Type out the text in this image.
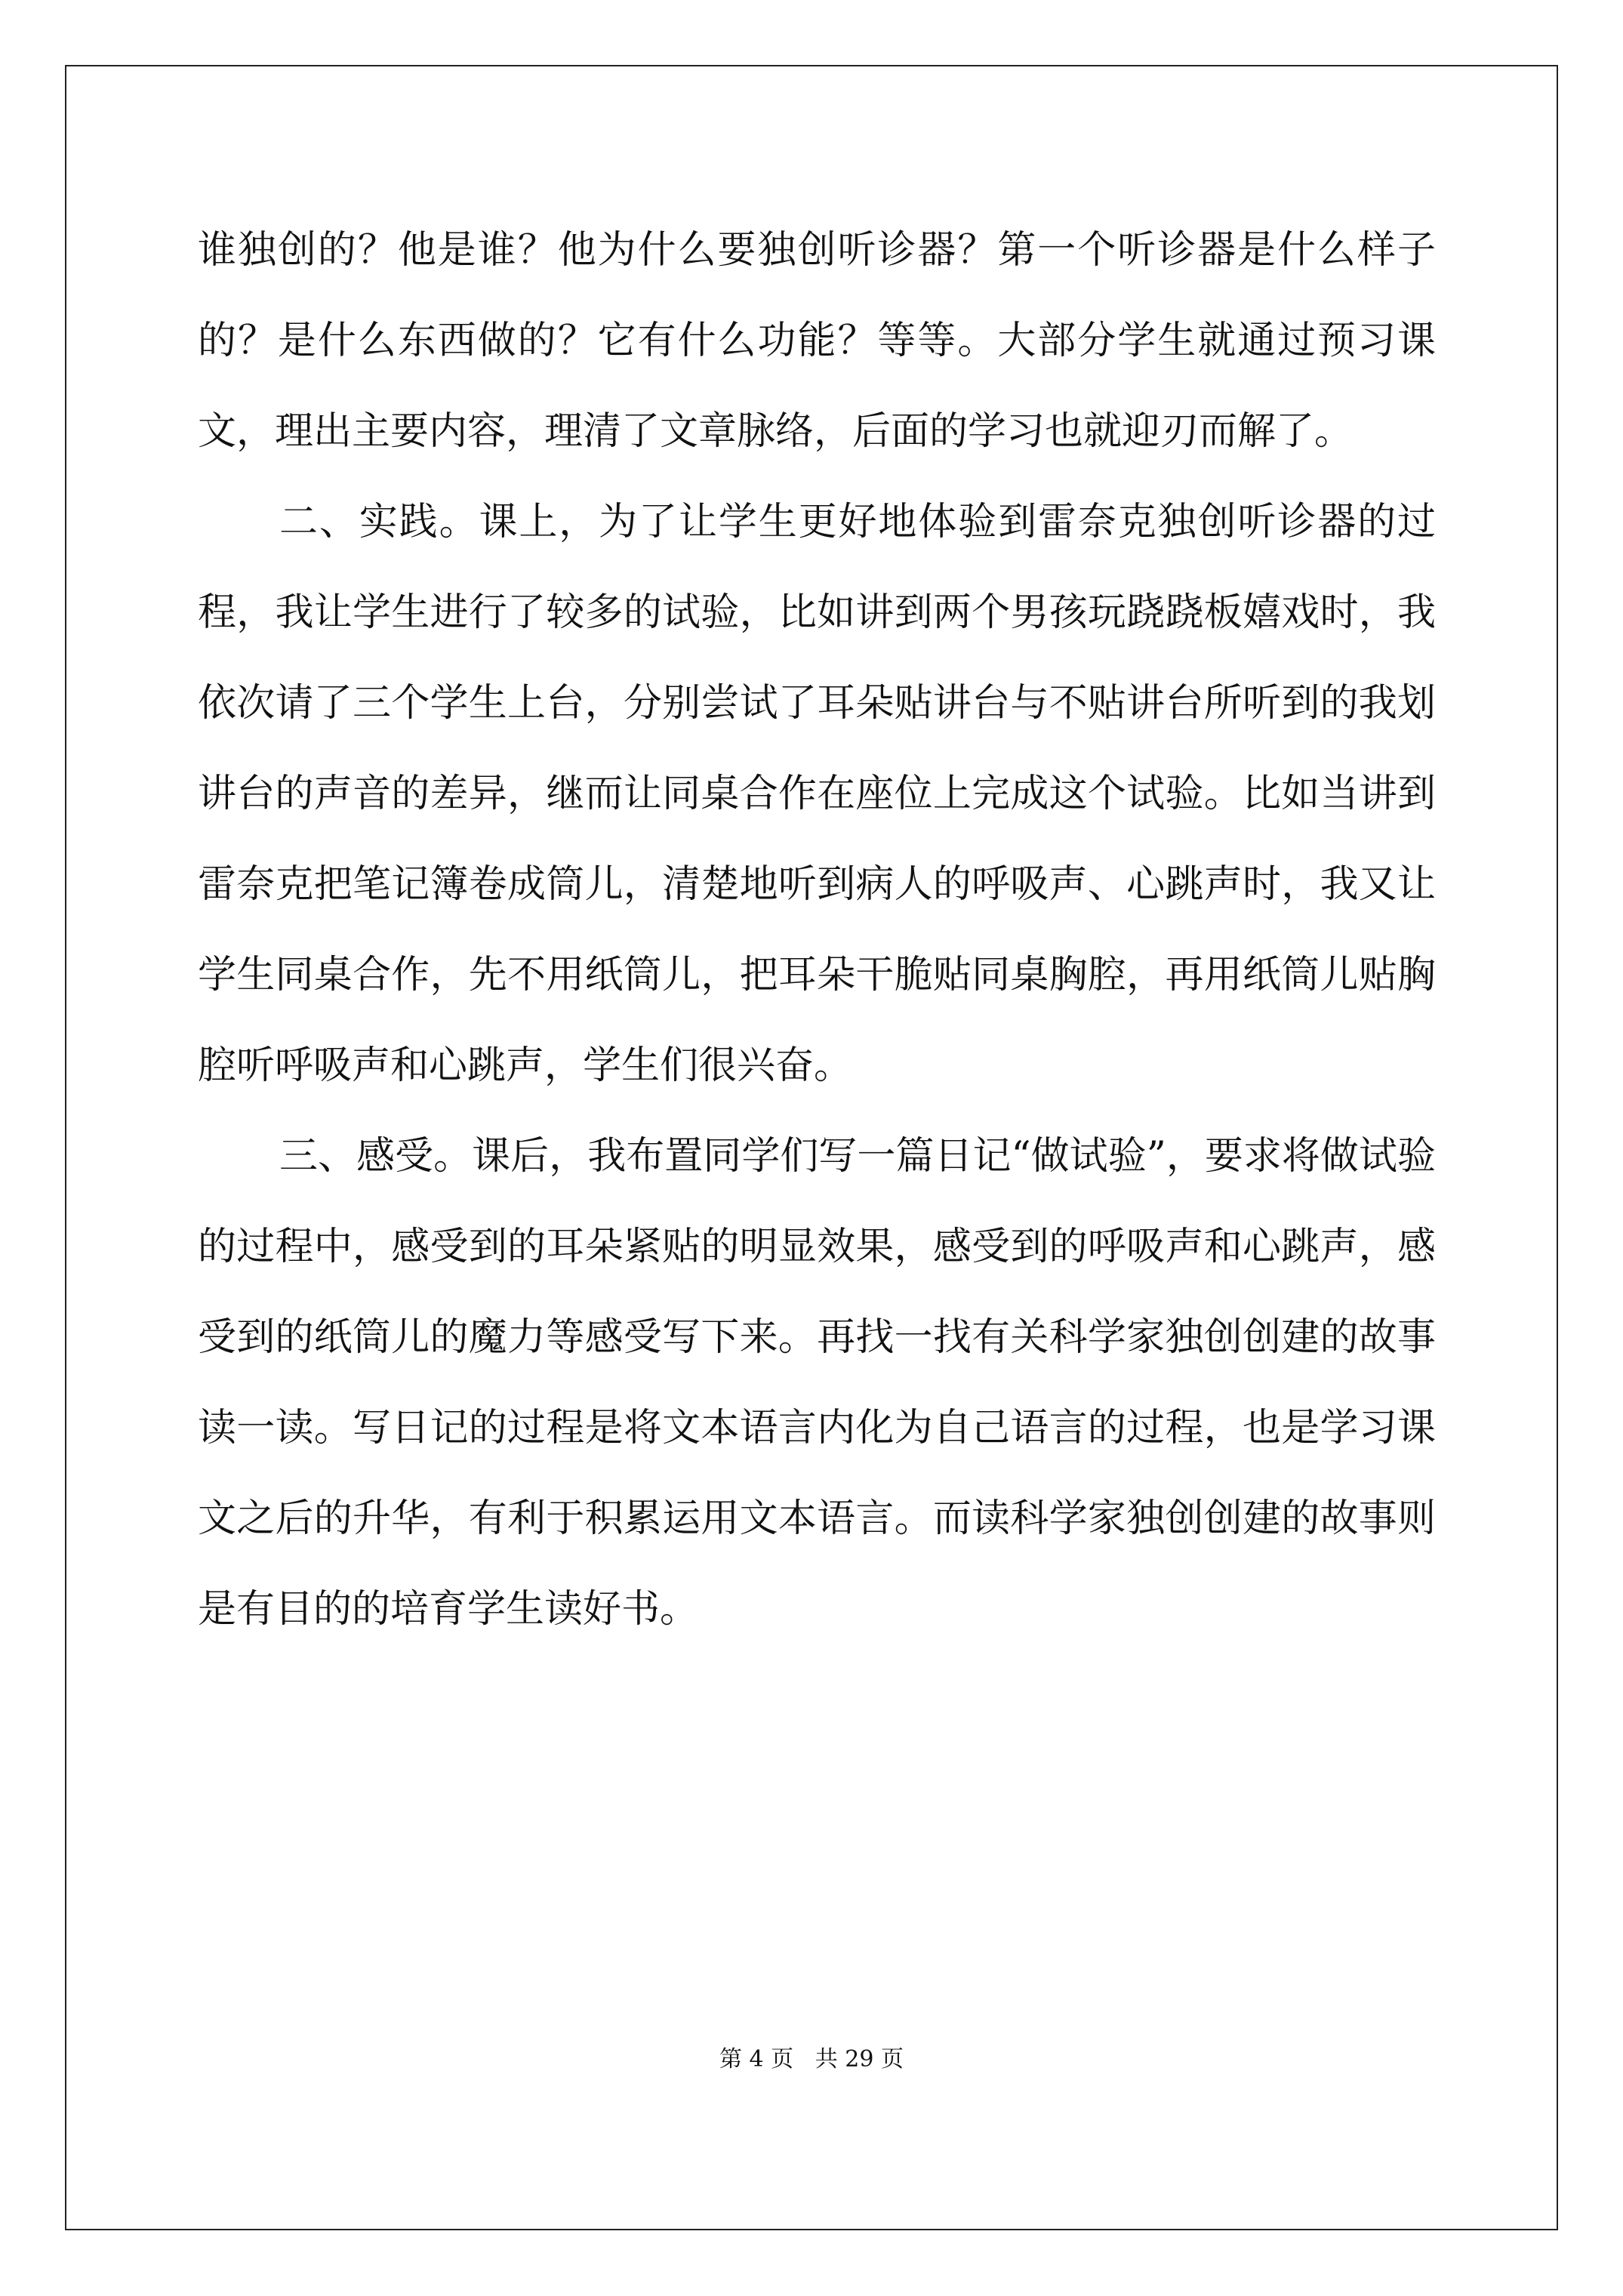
谁独创的？他是谁？他为什么要独创听诊器？第一个听诊器是什么样子的？是什么东西做的？它有什么功能？等等。大部分学生就通过预习课文，理出主要内容，理清了文章脉络，后面的学习也就迎刃而解了。

二、实践。课上，为了让学生更好地体验到雷奈克独创听诊器的过程，我让学生进行了较多的试验，比如讲到两个男孩玩跷跷板嬉戏时，我依次请了三个学生上台，分别尝试了耳朵贴讲台与不贴讲台所听到的我划讲台的声音的差异，继而让同桌合作在座位上完成这个试验。比如当讲到雷奈克把笔记簿卷成筒儿，清楚地听到病人的呼吸声、心跳声时，我又让学生同桌合作，先不用纸筒儿，把耳朵干脆贴同桌胸腔，再用纸筒儿贴胸腔听呼吸声和心跳声，学生们很兴奋。

三、感受。课后，我布置同学们写一篇日记“做试验”，要求将做试验的过程中，感受到的耳朵紧贴的明显效果，感受到的呼吸声和心跳声，感受到的纸筒儿的魔力等感受写下来。再找一找有关科学家独创创建的故事读一读。写日记的过程是将文本语言内化为自己语言的过程，也是学习课文之后的升华，有利于积累运用文本语言。而读科学家独创创建的故事则是有目的的培育学生读好书。

第 4 页   共 29 页
